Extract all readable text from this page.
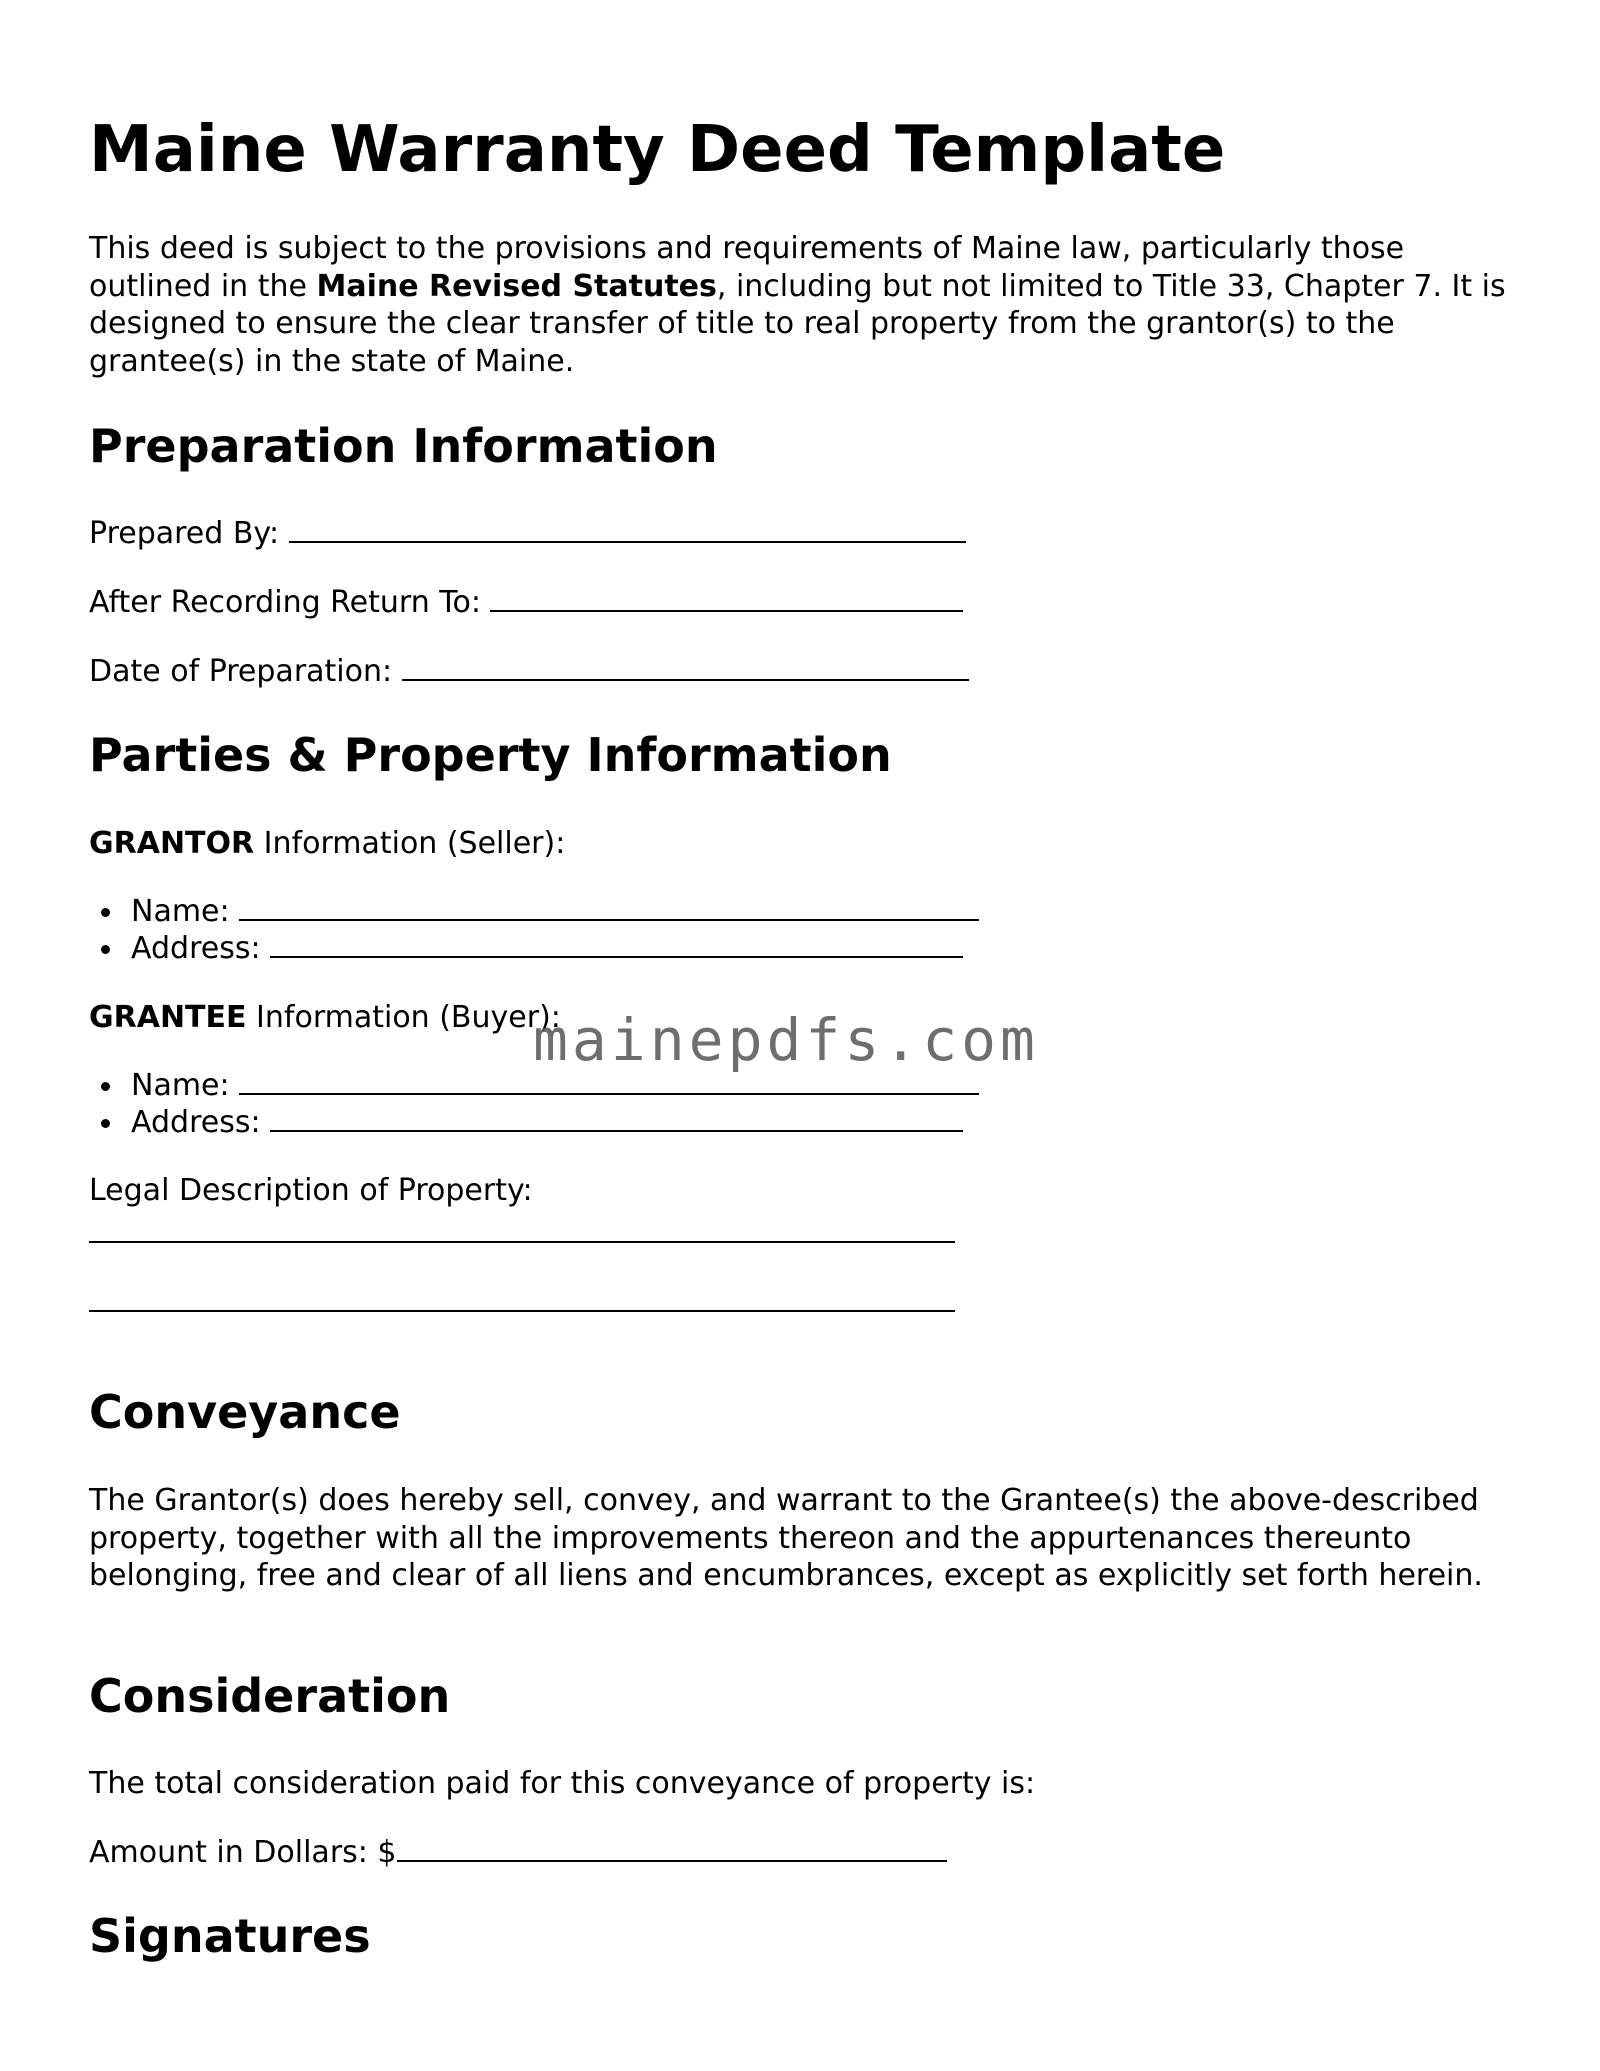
Maine Warranty Deed Template

This deed is subject to the provisions and requirements of Maine law, particularly those outlined in the Maine Revised Statutes, including but not limited to Title 33, Chapter 7. It is designed to ensure the clear transfer of title to real property from the grantor(s) to the grantee(s) in the state of Maine.

Preparation Information
Prepared By:
After Recording Return To:
Date of Preparation:
Parties & Property Information
GRANTOR Information (Seller):
Name:
Address:
GRANTEE Information (Buyer):
Name:
Address:
Legal Description of Property:
Conveyance

The Grantor(s) does hereby sell, convey, and warrant to the Grantee(s) the above-described property, together with all the improvements thereon and the appurtenances thereunto belonging, free and clear of all liens and encumbrances, except as explicitly set forth herein.

Consideration
The total consideration paid for this conveyance of property is:
Amount in Dollars: $
Signatures
mainepdfs.com
